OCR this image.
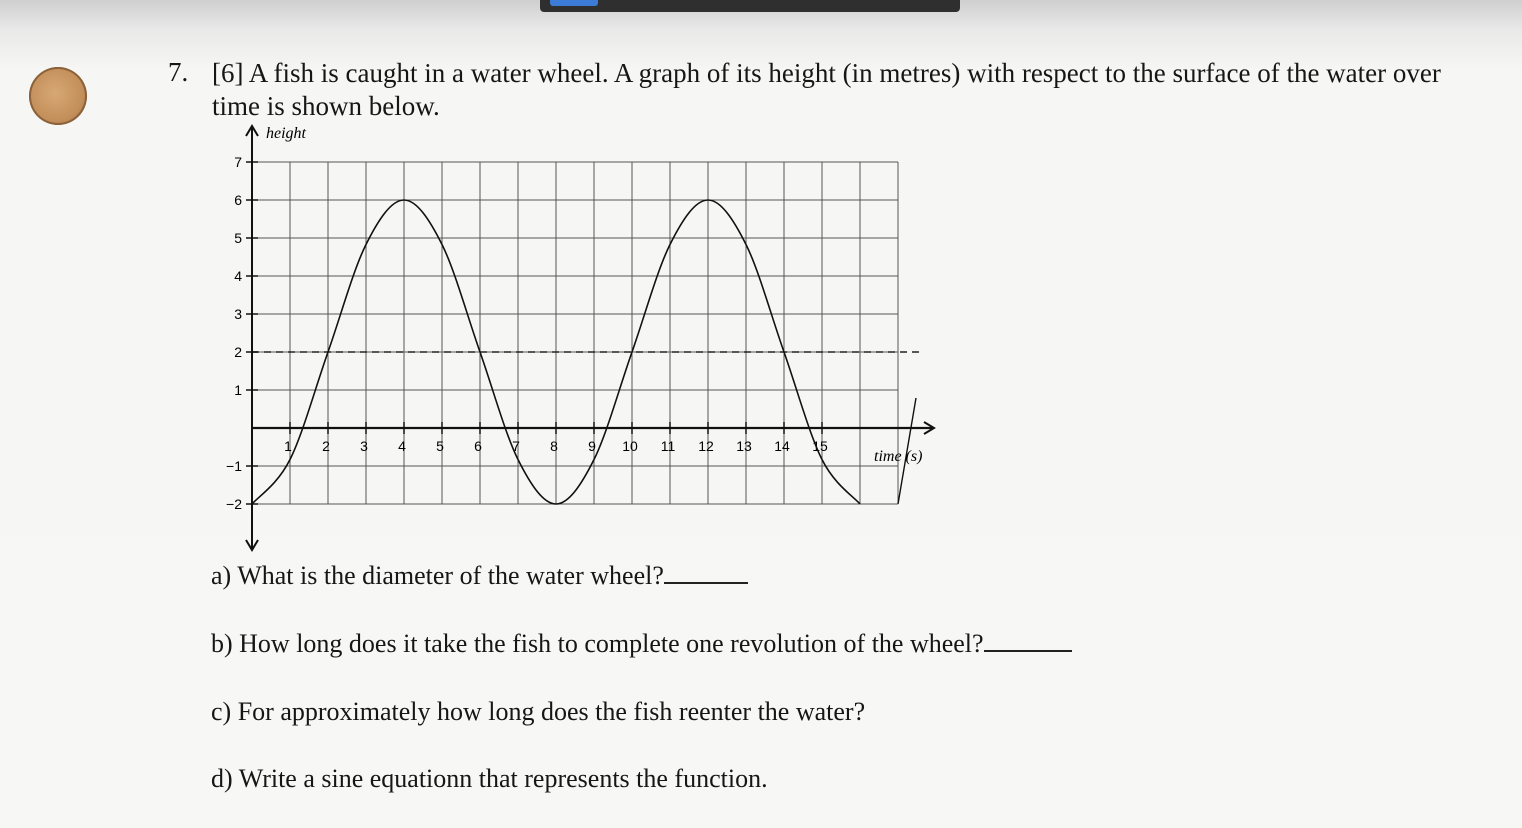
7. [6] A fish is caught in a water wheel. A graph of its height (in metres) with respect to the surface of the water over time is shown below.
7
6
5
4
3
2
1
−1
−2
1 2 3 4 5 6 7 8 9 10 11 12 13 14 15
height
time (s)
a) What is the diameter of the water wheel?
b) How long does it take the fish to complete one revolution of the wheel?
c) For approximately how long does the fish reenter the water?
d) Write a sine equationn that represents the function.
